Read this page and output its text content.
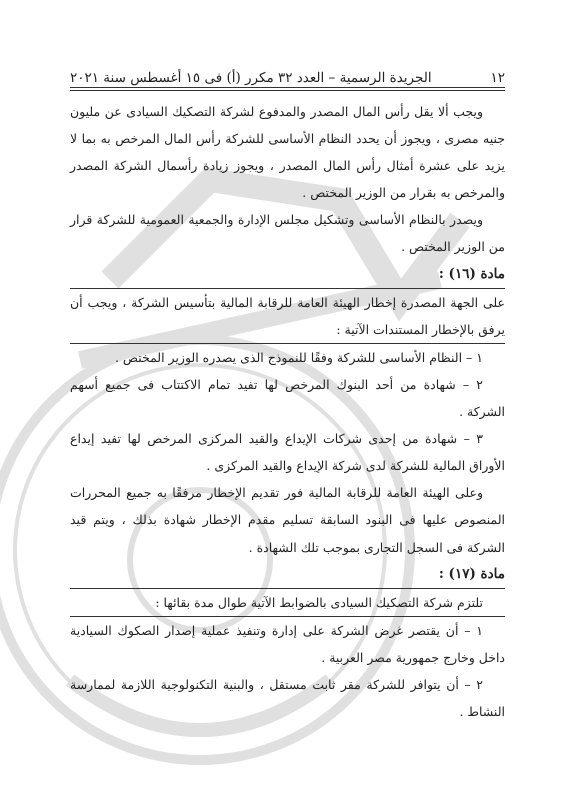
١٢
الجريدة الرسمية – العدد ٣٢ مكرر (أ) فى ١٥ أغسطس سنة ٢٠٢١

ويجب ألا يقل رأس المال المصدر والمدفوع لشركة التصكيك السيادى عن مليون جنيه مصرى ، ويجوز أن يحدد النظام الأساسى للشركة رأس المال المرخص به بما لا يزيد على عشرة أمثال رأس المال المصدر ، ويجوز زيادة رأسمال الشركة المصدر والمرخص به بقرار من الوزير المختص .

ويصدر بالنظام الأساسى وتشكيل مجلس الإدارة والجمعية العمومية للشركة قرار من الوزير المختص .

مادة (١٦) :

على الجهة المصدرة إخطار الهيئة العامة للرقابة المالية بتأسيس الشركة ، ويجب أن يرفق بالإخطار المستندات الآتية :

١ – النظام الأساسى للشركة وفقًا للنموذج الذى يصدره الوزير المختص .

٢ – شهادة من أحد البنوك المرخص لها تفيد تمام الاكتتاب فى جميع أسهم الشركة .

٣ – شهادة من إحدى شركات الإيداع والقيد المركزى المرخص لها تفيد إيداع الأوراق المالية للشركة لدى شركة الإيداع والقيد المركزى .

وعلى الهيئة العامة للرقابة المالية فور تقديم الإخطار مرفقًا به جميع المحررات المنصوص عليها فى البنود السابقة تسليم مقدم الإخطار شهادة بذلك ، ويتم قيد الشركة فى السجل التجارى بموجب تلك الشهادة .

مادة (١٧) :

تلتزم شركة التصكيك السيادى بالضوابط الآتية طوال مدة بقائها :

١ – أن يقتصر غرض الشركة على إدارة وتنفيذ عملية إصدار الصكوك السيادية داخل وخارج جمهورية مصر العربية .

٢ – أن يتوافر للشركة مقر ثابت مستقل ، والبنية التكنولوجية اللازمة لممارسة النشاط .
